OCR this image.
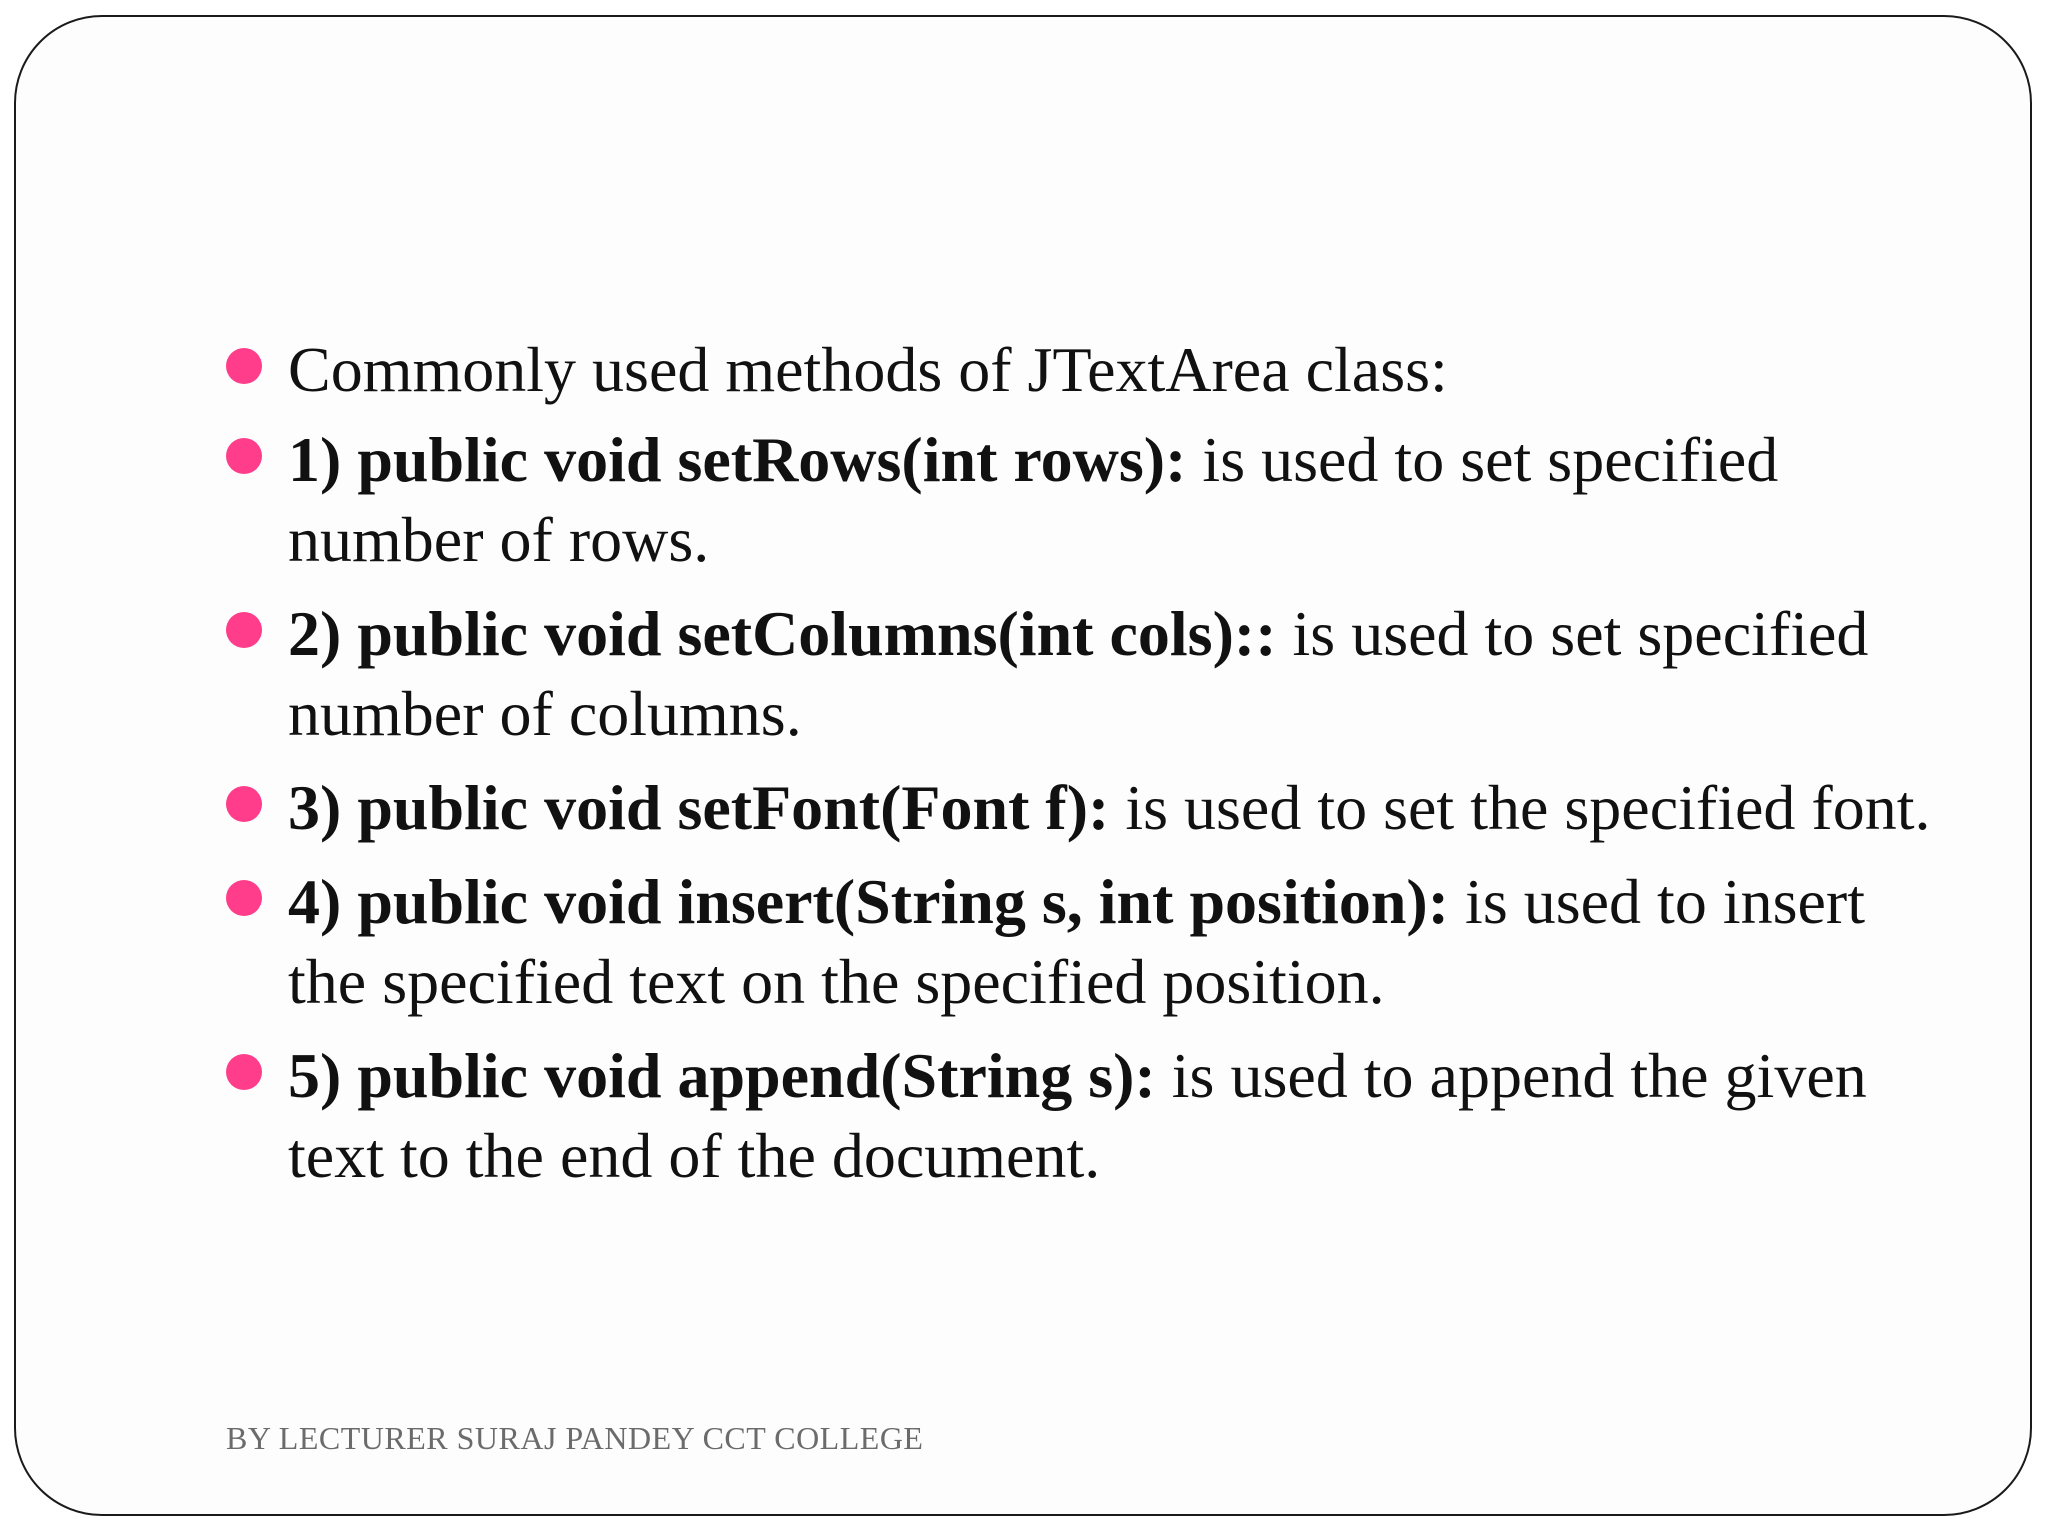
Commonly used methods of JTextArea class:
1) public void setRows(int rows): is used to set specified number of rows.
2) public void setColumns(int cols):: is used to set specified number of columns.
3) public void setFont(Font f): is used to set the specified font.
4) public void insert(String s, int position): is used to insert the specified text on the specified position.
5) public void append(String s): is used to append the given text to the end of the document.
BY LECTURER SURAJ PANDEY CCT COLLEGE
